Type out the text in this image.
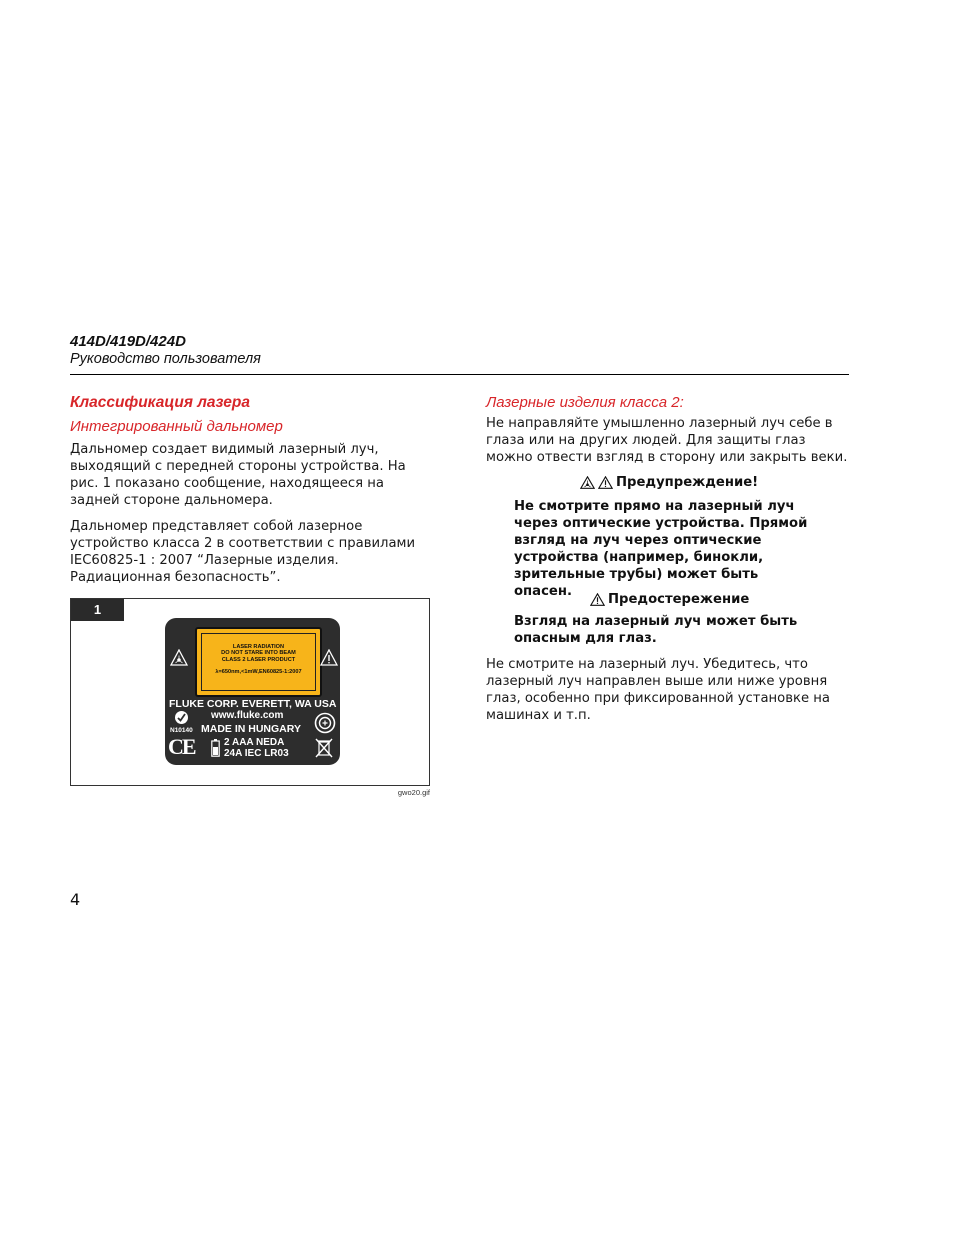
414D/419D/424D
Руководство пользователя
Классификация лазера
Интегрированный дальномер

Дальномер создает видимый лазерный луч, выходящий с передней стороны устройства. На рис. 1 показано сообщение, находящееся на задней стороне дальномера.

Дальномер представляет собой лазерное устройство класса 2 в соответствии с правилами IEC60825-1 : 2007 “Лазерные изделия. Радиационная безопасность”.

1
LASER RADIATION
DO NOT STARE INTO BEAM
CLASS 2 LASER PRODUCT
λ=650nm,<1mW,EN60825-1:2007
FLUKE CORP. EVERETT, WA USA
www.fluke.com
N10140 MADE IN HUNGARY
CE	2 AAA NEDA
24A IEC LR03
gwo20.gif
Лазерные изделия класса 2:

Не направляйте умышленно лазерный луч себе в глаза или на других людей. Для защиты глаз можно отвести взгляд в сторону или закрыть веки.

Предупреждение!
Не смотрите прямо на лазерный луч через оптические устройства. Прямой взгляд на луч через оптические устройства (например, бинокли, зрительные трубы) может быть опасен.
Предостережение
Взгляд на лазерный луч может быть опасным для глаз.

Не смотрите на лазерный луч. Убедитесь, что лазерный луч направлен выше или ниже уровня глаз, особенно при фиксированной установке на машинах и т.п.

4
